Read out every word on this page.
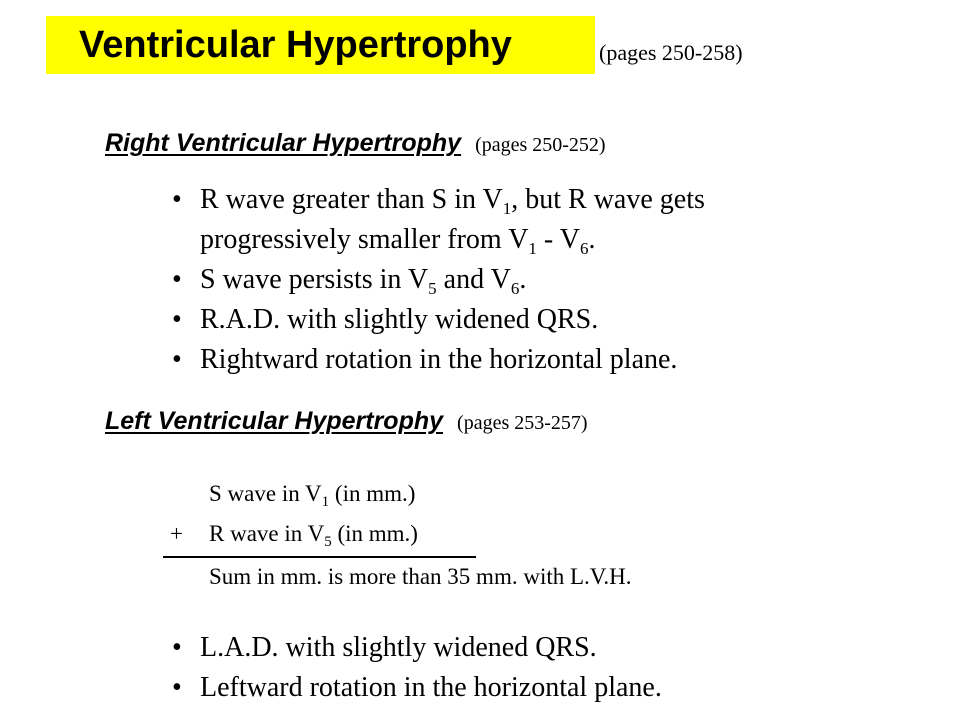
Ventricular Hypertrophy	(pages 250-258)
Right Ventricular Hypertrophy (pages 250-252)
• R wave greater than S in $V_1$, but R wave gets
progressively smaller from $V_1 - V_6$.
• S wave persists in $V_5$ and $V_6$.
• R.A.D. with slightly widened QRS.
• Rightward rotation in the horizontal plane.
Left Ventricular Hypertrophy (pages 253-257)
S wave in $V_1$ (in mm.)
+ R wave in $V_5$ (in mm.)
Sum in mm. is more than 35 mm. with L.V.H.
• L.A.D. with slightly widened QRS.
• Leftward rotation in the horizontal plane.
